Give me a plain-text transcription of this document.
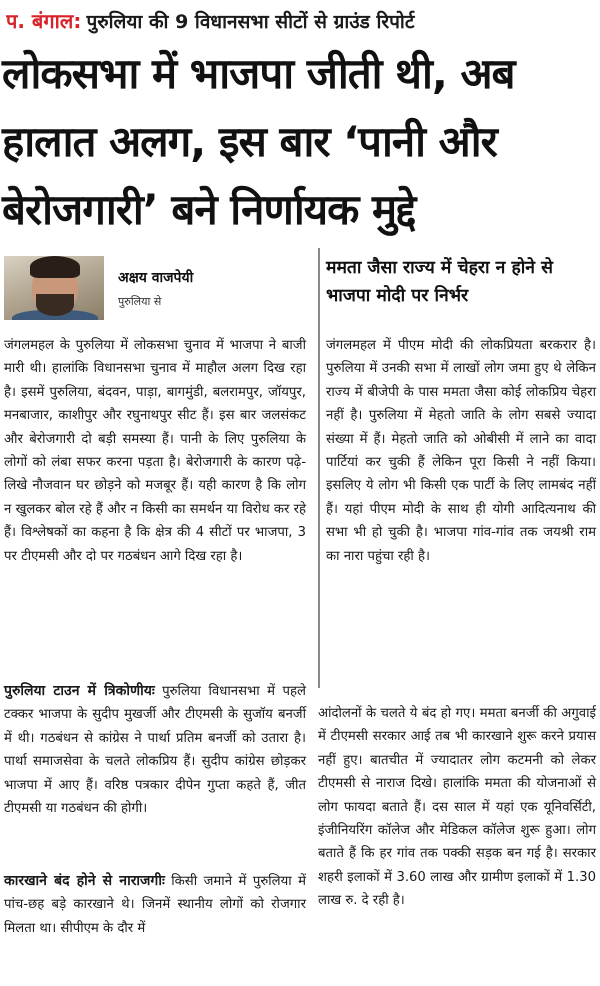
प. बंगाल: पुरुलिया की 9 विधानसभा सीटों से ग्राउंड रिपोर्ट
लोकसभा में भाजपा जीती थी, अब हालात अलग, इस बार ‘पानी और बेरोजगारी’ बने निर्णायक मुद्दे
अक्षय वाजपेयी
पुरुलिया से
ममता जैसा राज्य में चेहरा न होने से भाजपा मोदी पर निर्भर

जंगलमहल के पुरुलिया में लोकसभा चुनाव में भाजपा ने बाजी मारी थी। हालांकि विधानसभा चुनाव में माहौल अलग दिख रहा है। इसमें पुरुलिया, बंदवन, पाड़ा, बागमुंडी, बलरामपुर, जॉयपुर, मनबाजार, काशीपुर और रघुनाथपुर सीट हैं। इस बार जलसंकट और बेरोजगारी दो बड़ी समस्या हैं। पानी के लिए पुरुलिया के लोगों को लंबा सफर करना पड़ता है। बेरोजगारी के कारण पढ़े-लिखे नौजवान घर छोड़ने को मजबूर हैं। यही कारण है कि लोग न खुलकर बोल रहे हैं और न किसी का समर्थन या विरोध कर रहे हैं। विश्लेषकों का कहना है कि क्षेत्र की 4 सीटों पर भाजपा, 3 पर टीएमसी और दो पर गठबंधन आगे दिख रहा है।

पुरुलिया टाउन में त्रिकोणीयः पुरुलिया विधानसभा में पहले टक्कर भाजपा के सुदीप मुखर्जी और टीएमसी के सुजॉय बनर्जी में थी। गठबंधन से कांग्रेस ने पार्था प्रतिम बनर्जी को उतारा है। पार्था समाजसेवा के चलते लोकप्रिय हैं। सुदीप कांग्रेस छोड़कर भाजपा में आए हैं। वरिष्ठ पत्रकार दीपेन गुप्ता कहते हैं, जीत टीएमसी या गठबंधन की होगी।

कारखाने बंद होने से नाराजगीः किसी जमाने में पुरुलिया में पांच-छह बड़े कारखाने थे। जिनमें स्थानीय लोगों को रोजगार मिलता था। सीपीएम के दौर में

जंगलमहल में पीएम मोदी की लोकप्रियता बरकरार है। पुरुलिया में उनकी सभा में लाखों लोग जमा हुए थे लेकिन राज्य में बीजेपी के पास ममता जैसा कोई लोकप्रिय चेहरा नहीं है। पुरुलिया में मेहतो जाति के लोग सबसे ज्यादा संख्या में हैं। मेहतो जाति को ओबीसी में लाने का वादा पार्टियां कर चुकी हैं लेकिन पूरा किसी ने नहीं किया। इसलिए ये लोग भी किसी एक पार्टी के लिए लामबंद नहीं हैं। यहां पीएम मोदी के साथ ही योगी आदित्यनाथ की सभा भी हो चुकी है। भाजपा गांव-गांव तक जयश्री राम का नारा पहुंचा रही है।

आंदोलनों के चलते ये बंद हो गए। ममता बनर्जी की अगुवाई में टीएमसी सरकार आई तब भी कारखाने शुरू करने प्रयास नहीं हुए। बातचीत में ज्यादातर लोग कटमनी को लेकर टीएमसी से नाराज दिखे। हालांकि ममता की योजनाओं से लोग फायदा बताते हैं। दस साल में यहां एक यूनिवर्सिटी, इंजीनियरिंग कॉलेज और मेडिकल कॉलेज शुरू हुआ। लोग बताते हैं कि हर गांव तक पक्की सड़क बन गई है। सरकार शहरी इलाकों में 3.60 लाख और ग्रामीण इलाकों में 1.30 लाख रु. दे रही है।
